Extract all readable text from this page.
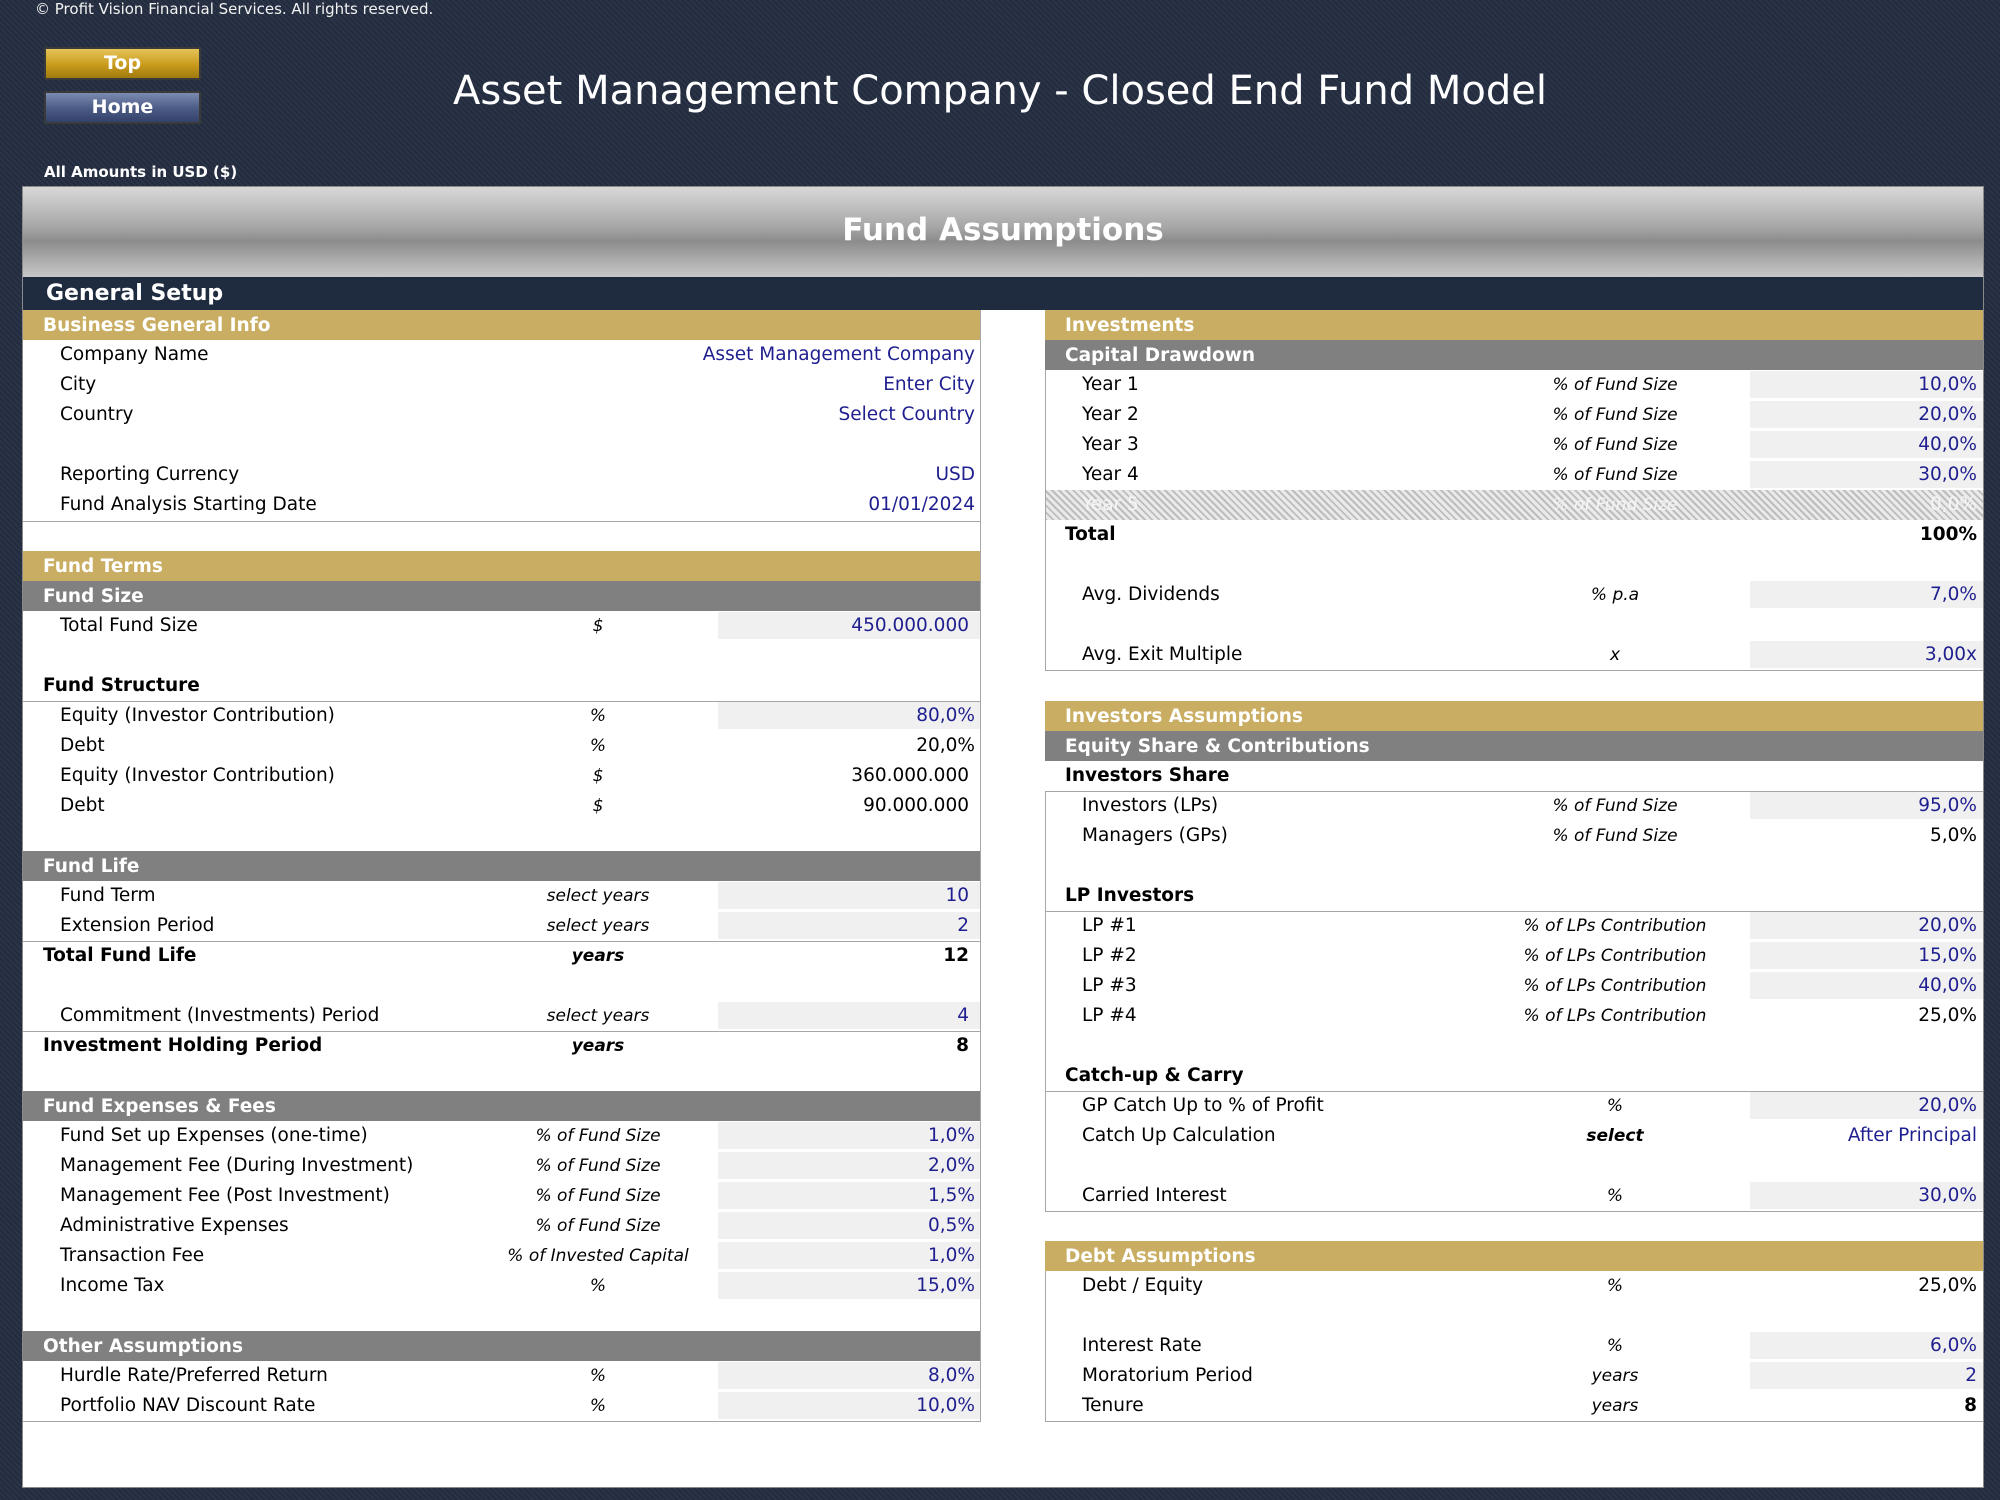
© Profit Vision Financial Services. All rights reserved.
Top
Home	Asset Management Company - Closed End Fund Model
All Amounts in USD ($)
Fund Assumptions
General Setup
Business General Info
Company Name	Asset Management Company
City	Enter City
Country	Select Country
Reporting Currency	USD
Fund Analysis Starting Date	01/01/2024
Fund Terms
Fund Size
Total Fund Size	$	450.000.000
Fund Structure
Equity (Investor Contribution)	%	80,0%
Debt	%	20,0%
Equity (Investor Contribution)	$	360.000.000
Debt	$	90.000.000
Fund Life
Fund Term	select years	10
Extension Period	select years	2
Total Fund Life	years	12
Commitment (Investments) Period	select years	4
Investment Holding Period	years	8
Fund Expenses & Fees
Fund Set up Expenses (one-time)	% of Fund Size	1,0%
Management Fee (During Investment)	% of Fund Size	2,0%
Management Fee (Post Investment)	% of Fund Size	1,5%
Administrative Expenses	% of Fund Size	0,5%
Transaction Fee	% of Invested Capital	1,0%
Income Tax	%	15,0%
Other Assumptions
Hurdle Rate/Preferred Return	%	8,0%
Portfolio NAV Discount Rate	%	10,0%
Investments
Capital Drawdown
Year 1	% of Fund Size	10,0%
Year 2	% of Fund Size	20,0%
Year 3	% of Fund Size	40,0%
Year 4	% of Fund Size	30,0%
Year 5	% of Fund Size	0,0%
Total	100%
Avg. Dividends	% p.a	7,0%
Avg. Exit Multiple	x	3,00x
Investors Assumptions
Equity Share & Contributions
Investors Share
Investors (LPs)	% of Fund Size	95,0%
Managers (GPs)	% of Fund Size	5,0%
LP Investors
LP #1	% of LPs Contribution	20,0%
LP #2	% of LPs Contribution	15,0%
LP #3	% of LPs Contribution	40,0%
LP #4	% of LPs Contribution	25,0%
Catch-up & Carry
GP Catch Up to % of Profit	%	20,0%
Catch Up Calculation	select	After Principal
Carried Interest	%	30,0%
Debt Assumptions
Debt / Equity	%	25,0%
Interest Rate	%	6,0%
Moratorium Period	years	2
Tenure	years	8
